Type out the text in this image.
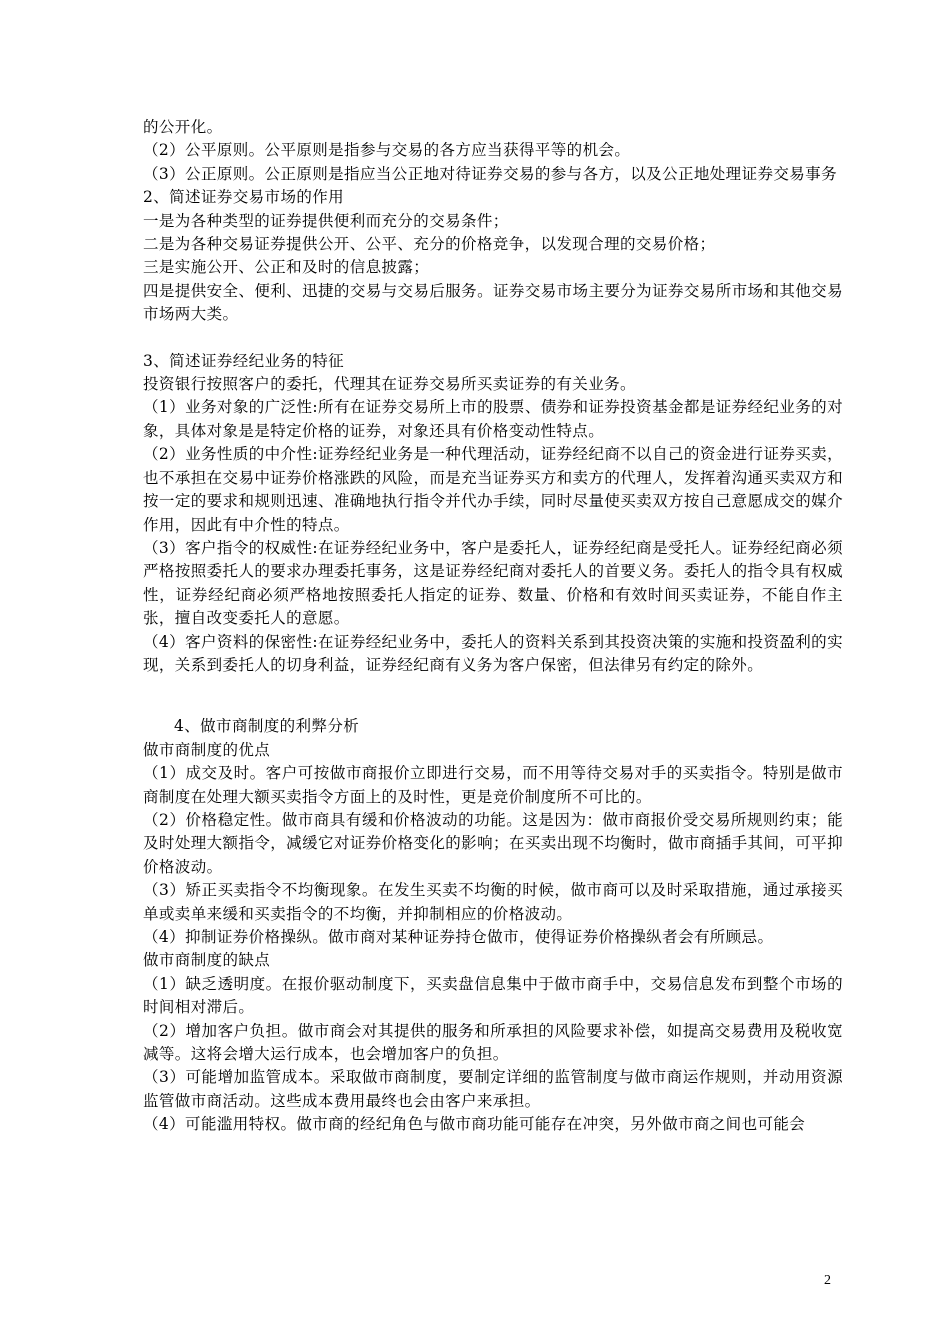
的公开化。

（2）公平原则。公平原则是指参与交易的各方应当获得平等的机会。

（3）公正原则。公正原则是指应当公正地对待证券交易的参与各方，以及公正地处理证券交易事务

2、简述证券交易市场的作用

一是为各种类型的证券提供便利而充分的交易条件；

二是为各种交易证券提供公开、公平、充分的价格竞争，以发现合理的交易价格；

三是实施公开、公正和及时的信息披露；

四是提供安全、便利、迅捷的交易与交易后服务。证券交易市场主要分为证券交易所市场和其他交易市场两大类。

3、简述证券经纪业务的特征

投资银行按照客户的委托，代理其在证券交易所买卖证券的有关业务。

（1）业务对象的广泛性:所有在证券交易所上市的股票、债券和证券投资基金都是证券经纪业务的对象，具体对象是是特定价格的证券，对象还具有价格变动性特点。

（2）业务性质的中介性:证券经纪业务是一种代理活动，证券经纪商不以自己的资金进行证券买卖，也不承担在交易中证券价格涨跌的风险，而是充当证券买方和卖方的代理人，发挥着沟通买卖双方和按一定的要求和规则迅速、准确地执行指令并代办手续，同时尽量使买卖双方按自己意愿成交的媒介作用，因此有中介性的特点。

（3）客户指令的权威性:在证券经纪业务中，客户是委托人，证券经纪商是受托人。证券经纪商必须严格按照委托人的要求办理委托事务，这是证券经纪商对委托人的首要义务。委托人的指令具有权威性，证券经纪商必须严格地按照委托人指定的证券、数量、价格和有效时间买卖证券，不能自作主张，擅自改变委托人的意愿。

（4）客户资料的保密性:在证券经纪业务中，委托人的资料关系到其投资决策的实施和投资盈利的实现，关系到委托人的切身利益，证券经纪商有义务为客户保密，但法律另有约定的除外。

4、做市商制度的利弊分析

做市商制度的优点

（1）成交及时。客户可按做市商报价立即进行交易，而不用等待交易对手的买卖指令。特别是做市商制度在处理大额买卖指令方面上的及时性，更是竞价制度所不可比的。

（2）价格稳定性。做市商具有缓和价格波动的功能。这是因为：做市商报价受交易所规则约束；能及时处理大额指令，减缓它对证券价格变化的影响；在买卖出现不均衡时，做市商插手其间，可平抑价格波动。

（3）矫正买卖指令不均衡现象。在发生买卖不均衡的时候，做市商可以及时采取措施，通过承接买单或卖单来缓和买卖指令的不均衡，并抑制相应的价格波动。

（4）抑制证券价格操纵。做市商对某种证券持仓做市，使得证券价格操纵者会有所顾忌。

做市商制度的缺点

（1）缺乏透明度。在报价驱动制度下，买卖盘信息集中于做市商手中，交易信息发布到整个市场的时间相对滞后。

（2）增加客户负担。做市商会对其提供的服务和所承担的风险要求补偿，如提高交易费用及税收宽减等。这将会增大运行成本，也会增加客户的负担。

（3）可能增加监管成本。采取做市商制度，要制定详细的监管制度与做市商运作规则，并动用资源监管做市商活动。这些成本费用最终也会由客户来承担。

（4）可能滥用特权。做市商的经纪角色与做市商功能可能存在冲突，另外做市商之间也可能会

2
